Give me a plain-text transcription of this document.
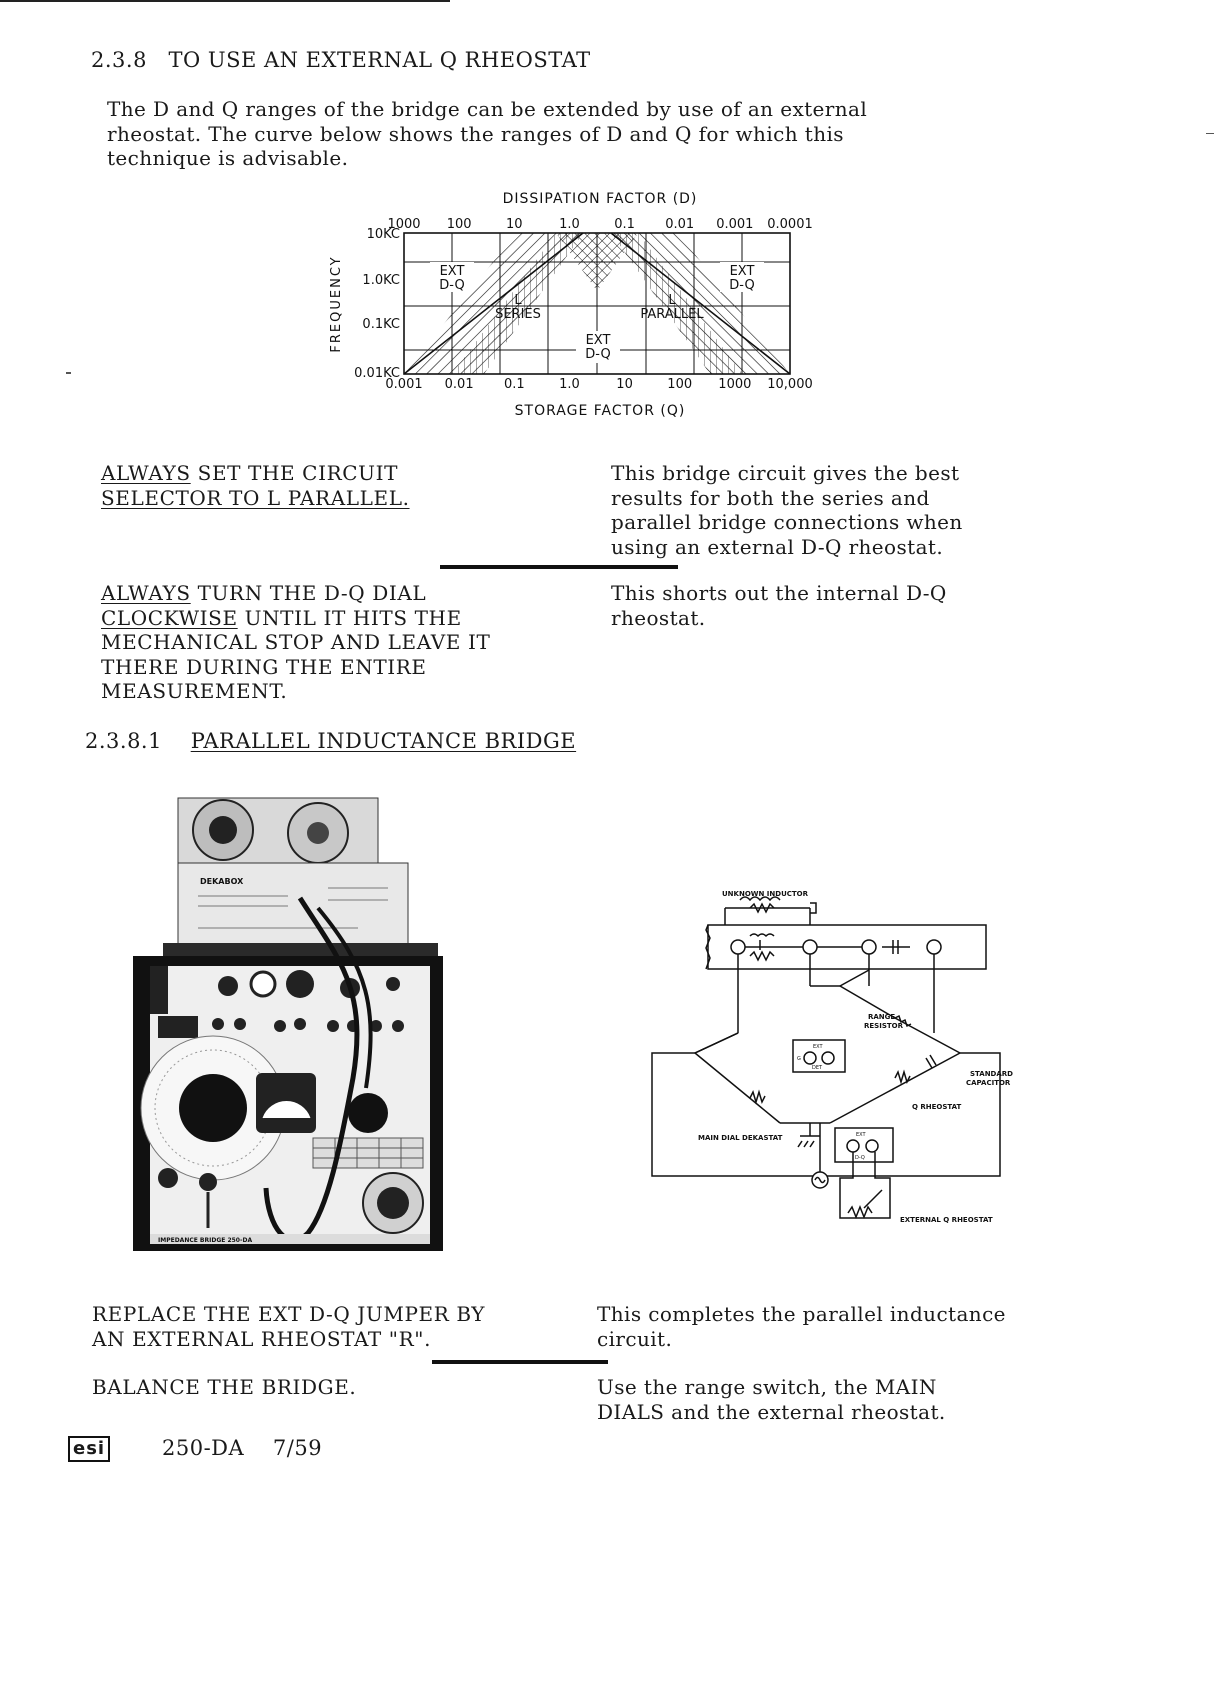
2.3.8 TO USE AN EXTERNAL Q RHEOSTAT
The D and Q ranges of the bridge can be extended by use of an external
rheostat. The curve below shows the ranges of D and Q for which this
technique is advisable.
DISSIPATION FACTOR (D)
1000 100	10	1.0	0.1 0.01 0.001 0.0001
0.001 0.01 0.1	1.0	10	100 1000 10,000
10KC
1.0KC
0.1KC
0.01KC
EXT
D-Q
L
SERIES
L
PARALLEL
EXT
D-Q
EXT
D-Q
FREQUENCY
STORAGE FACTOR (Q)
ALWAYS SET THE CIRCUIT
SELECTOR TO L PARALLEL.
This bridge circuit gives the best
results for both the series and
parallel bridge connections when
using an external D-Q rheostat.
ALWAYS TURN THE D-Q DIAL
CLOCKWISE UNTIL IT HITS THE
MECHANICAL STOP AND LEAVE IT
THERE DURING THE ENTIRE
MEASUREMENT.
This shorts out the internal D-Q
rheostat.
2.3.8.1 PARALLEL INDUCTANCE BRIDGE
DEKABOX
IMPEDANCE BRIDGE 250-DA
UNKNOWN INDUCTOR
RANGE
RESISTOR
STANDARD
CAPACITOR
Q RHEOSTAT
MAIN DIAL DEKASTAT
EXTERNAL Q RHEOSTAT
EXT
G
DET
EXT
D-Q
REPLACE THE EXT D-Q JUMPER BY
AN EXTERNAL RHEOSTAT "R".
This completes the parallel inductance
circuit.
BALANCE THE BRIDGE.	Use the range switch, the MAIN
DIALS and the external rheostat.
esi	250-DA 7/59
